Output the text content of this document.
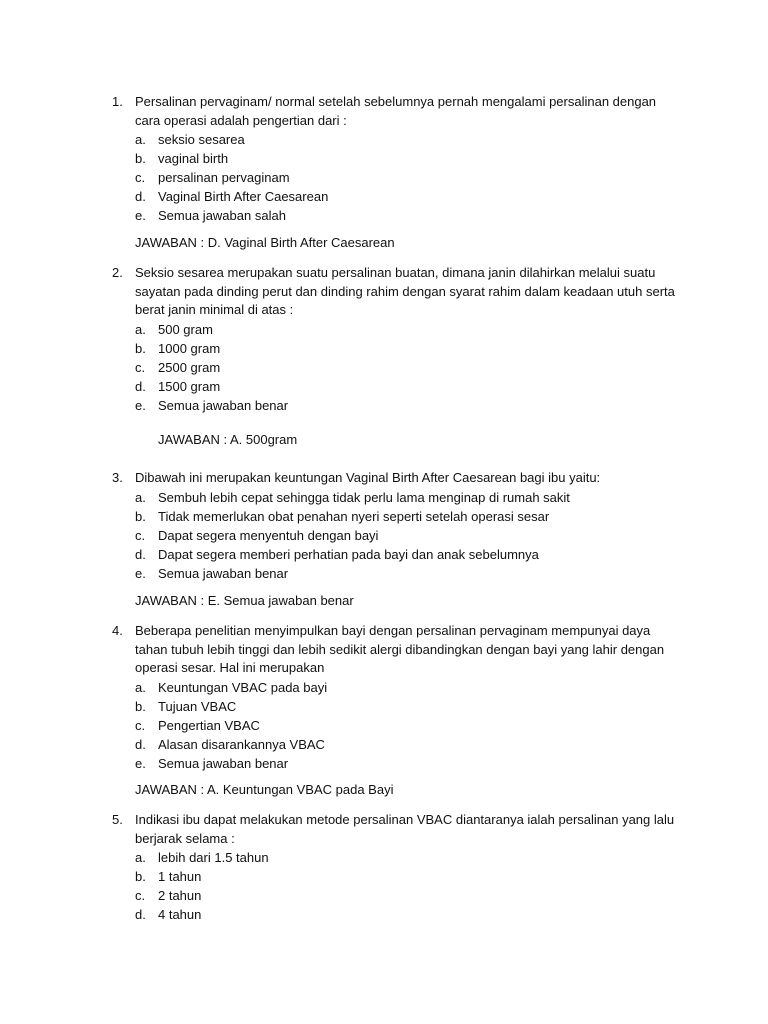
1. Persalinan pervaginam/ normal setelah sebelumnya pernah mengalami persalinan dengan cara operasi adalah pengertian dari :
a. seksio sesarea
b. vaginal birth
c. persalinan pervaginam
d. Vaginal Birth After Caesarean
e. Semua jawaban salah
JAWABAN : D. Vaginal Birth After Caesarean
2. Seksio sesarea merupakan suatu persalinan buatan, dimana janin dilahirkan melalui suatu sayatan pada dinding perut dan dinding rahim dengan syarat rahim dalam keadaan utuh serta berat janin minimal di atas :
a. 500 gram
b. 1000 gram
c. 2500 gram
d. 1500 gram
e. Semua jawaban benar
JAWABAN : A. 500gram
3. Dibawah ini merupakan keuntungan Vaginal Birth After Caesarean bagi ibu yaitu:
a. Sembuh lebih cepat sehingga tidak perlu lama menginap di rumah sakit
b. Tidak memerlukan obat penahan nyeri seperti setelah operasi sesar
c. Dapat segera menyentuh dengan bayi
d. Dapat segera memberi perhatian pada bayi dan anak sebelumnya
e. Semua jawaban benar
JAWABAN : E. Semua jawaban benar
4. Beberapa penelitian menyimpulkan bayi dengan persalinan pervaginam mempunyai daya tahan tubuh lebih tinggi dan lebih sedikit alergi dibandingkan dengan bayi yang lahir dengan operasi sesar. Hal ini merupakan
a. Keuntungan VBAC pada bayi
b. Tujuan VBAC
c. Pengertian VBAC
d. Alasan disarankannya VBAC
e. Semua jawaban benar
JAWABAN : A. Keuntungan VBAC pada Bayi
5. Indikasi ibu dapat melakukan metode persalinan VBAC diantaranya ialah persalinan yang lalu berjarak selama :
a. lebih dari 1.5 tahun
b. 1 tahun
c. 2 tahun
d. 4 tahun
